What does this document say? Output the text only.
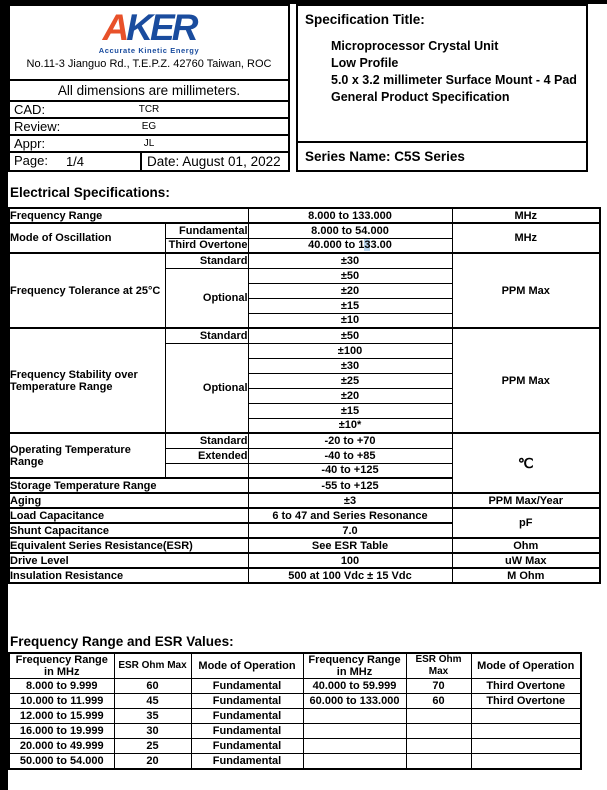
AKER
Accurate Kinetic Energy
No.11-3 Jianguo Rd., T.E.P.Z. 42760 Taiwan, ROC
All dimensions are millimeters.
CAD:	TCR
Review:	EG
Appr:	JL
Page:	1/4	Date: August 01, 2022
Specification Title:
Microprocessor Crystal Unit
Low Profile
5.0 x 3.2 millimeter Surface Mount - 4 Pad
General Product Specification
Series Name: C5S Series
Electrical Specifications:
Frequency Range		8.000 to 133.000	MHz
Mode of Oscillation	Fundamental	8.000 to 54.000	MHz
	Third Overtone	40.000 to 133.00	
Frequency Tolerance at 25°C	Standard	±30	PPM Max
	Optional	±50	
		±20	
		±15	
		±10	
Frequency Stability over Temperature Range	Standard	±50	PPM Max
	Optional	±100	
		±30	
		±25	
		±20	
		±15	
		±10*	
Operating Temperature Range	Standard	-20 to +70	℃
	Extended	-40 to +85	
		-40 to +125	
Storage Temperature Range		-55 to +125	
Aging		±3	PPM Max/Year
Load Capacitance		6 to 47 and Series Resonance	pF
Shunt Capacitance		7.0	
Equivalent Series Resistance(ESR)		See ESR Table	Ohm
Drive Level		100	uW Max
Insulation Resistance		500 at 100 Vdc ± 15 Vdc	M Ohm
Frequency Range and ESR Values:
Frequency Range in MHz	ESR Ohm Max	Mode of Operation	Frequency Range in MHz	ESR Ohm Max	Mode of Operation
8.000 to 9.999	60	Fundamental	40.000 to 59.999	70	Third Overtone
10.000 to 11.999	45	Fundamental	60.000 to 133.000	60	Third Overtone
12.000 to 15.999	35	Fundamental			
16.000 to 19.999	30	Fundamental			
20.000 to 49.999	25	Fundamental			
50.000 to 54.000	20	Fundamental			
